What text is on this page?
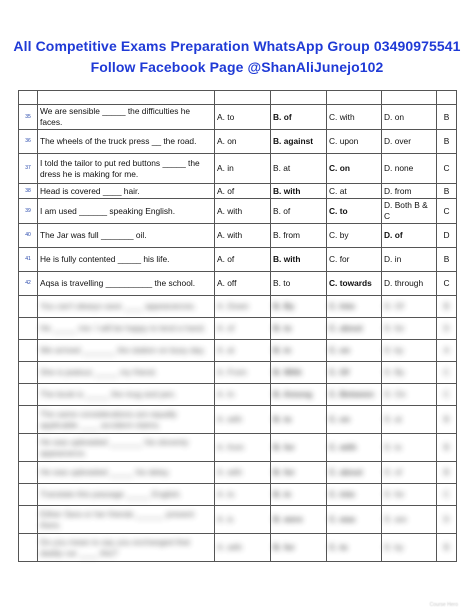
All Competitive Exams Preparation WhatsApp Group 03490975541
Follow Facebook Page @ShanAliJunejo102

35	We are sensible _____ the difficulties he faces.	A. to	B. of	C. with	D. on	B
36	The wheels of the truck press __ the road.	A. on	B. against	C. upon	D. over	B
37	I told the tailor to put red buttons _____ the dress he is making for me.	A. in	B. at	C. on	D. none	C
38	Head is covered ____ hair.	A. of	B. with	C. at	D. from	B
39	I am used ______ speaking English.	A. with	B. of	C. to	D. Both B & C	C
40	The Jar was full _______ oil.	A. with	B. from	C. by	D. of	D
41	He is fully contented _____ his life.	A. of	B. with	C. for	D. in	B
42	Aqsa is travelling __________ the school.	A. off	B. to	C. towards	D. through	C
	You can't always save ____ appearances.	A. Down	B. By	C. Into	D. Of	B
	He _____ me: I will be happy to lend a hand.	A. of	B. to	C. about	D. for	D
	We arrived _______ the station on busy day.	A. at	B. in	C. on	D. by	A
	She is jealous _____ my friend.	A. From	B. With	C. Of	D. By	C
	The book is _____ the mug and pen.	A. In	B. Among	C. Between	D. On	C
	The same considerations are equally applicable ____ accident claims.	A. with	B. to	C. on	D. at	B
	He was upbraided _______ his sloventy appearance.	A. from	B. for	C. with	D. to	B
	He was upbraided _____ his delay.	A. with	B. for	C. about	D. of	B
	Translate this passage _____ English.	A. to	B. in	C. into	D. for	C
	Either Sara or her friends ______ present there.	A. is	B. were	C. was	D. are	D
	Do you mean to say you exchanged that daddy car ____ this?	A. with	B. for	C. to	D. by	B
Course Hero
